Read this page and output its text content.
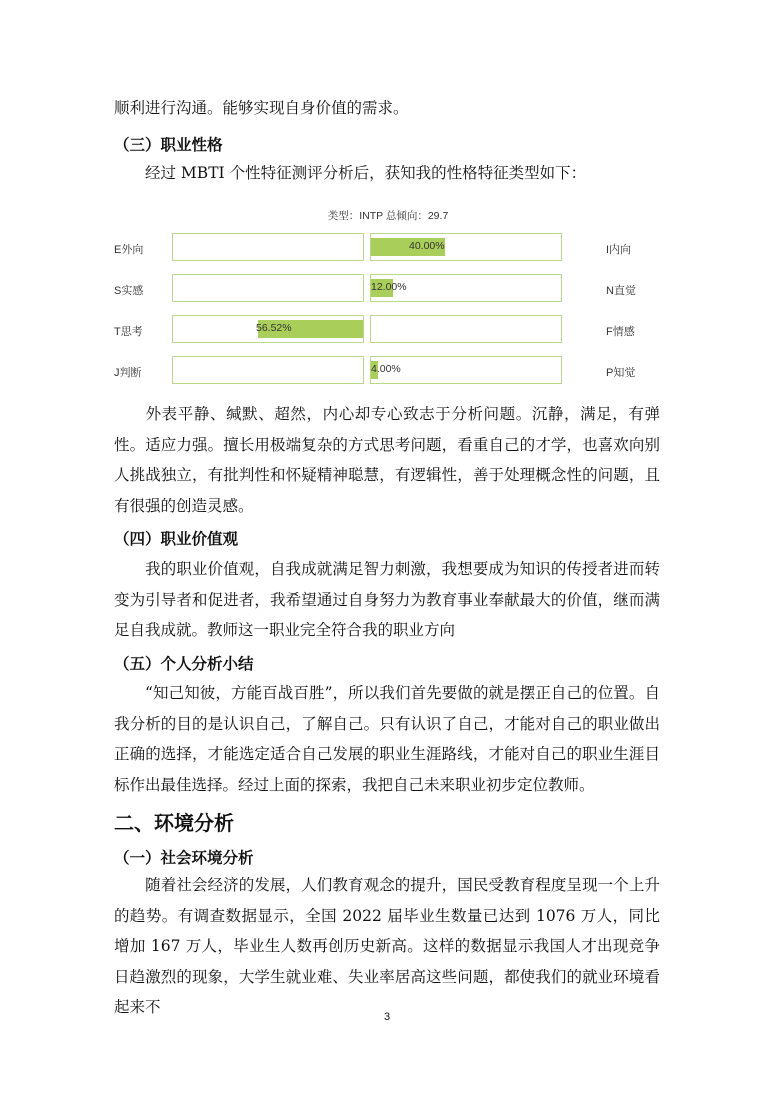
顺利进行沟通。能够实现自身价值的需求。

（三）职业性格

经过 MBTI 个性特征测评分析后，获知我的性格特征类型如下：

类型：INTP 总倾向：29.7
E外向	40.00%	I内向
S实感	12.00%	N直觉
T思考	56.52%	F情感
J判断	4.00%	P知觉

外表平静、缄默、超然，内心却专心致志于分析问题。沉静，满足，有弹性。适应力强。擅长用极端复杂的方式思考问题，看重自己的才学，也喜欢向别人挑战独立，有批判性和怀疑精神聪慧，有逻辑性，善于处理概念性的问题，且有很强的创造灵感。

（四）职业价值观

我的职业价值观，自我成就满足智力刺激，我想要成为知识的传授者进而转变为引导者和促进者，我希望通过自身努力为教育事业奉献最大的价值，继而满足自我成就。教师这一职业完全符合我的职业方向

（五）个人分析小结

“知己知彼，方能百战百胜”，所以我们首先要做的就是摆正自己的位置。自我分析的目的是认识自己，了解自己。只有认识了自己，才能对自己的职业做出正确的选择，才能选定适合自己发展的职业生涯路线，才能对自己的职业生涯目标作出最佳选择。经过上面的探索，我把自己未来职业初步定位教师。

二、环境分析
（一）社会环境分析

随着社会经济的发展，人们教育观念的提升，国民受教育程度呈现一个上升的趋势。有调查数据显示，全国 2022 届毕业生数量已达到 1076 万人，同比增加 167 万人，毕业生人数再创历史新高。这样的数据显示我国人才出现竞争日趋激烈的现象，大学生就业难、失业率居高这些问题，都使我们的就业环境看起来不

3
